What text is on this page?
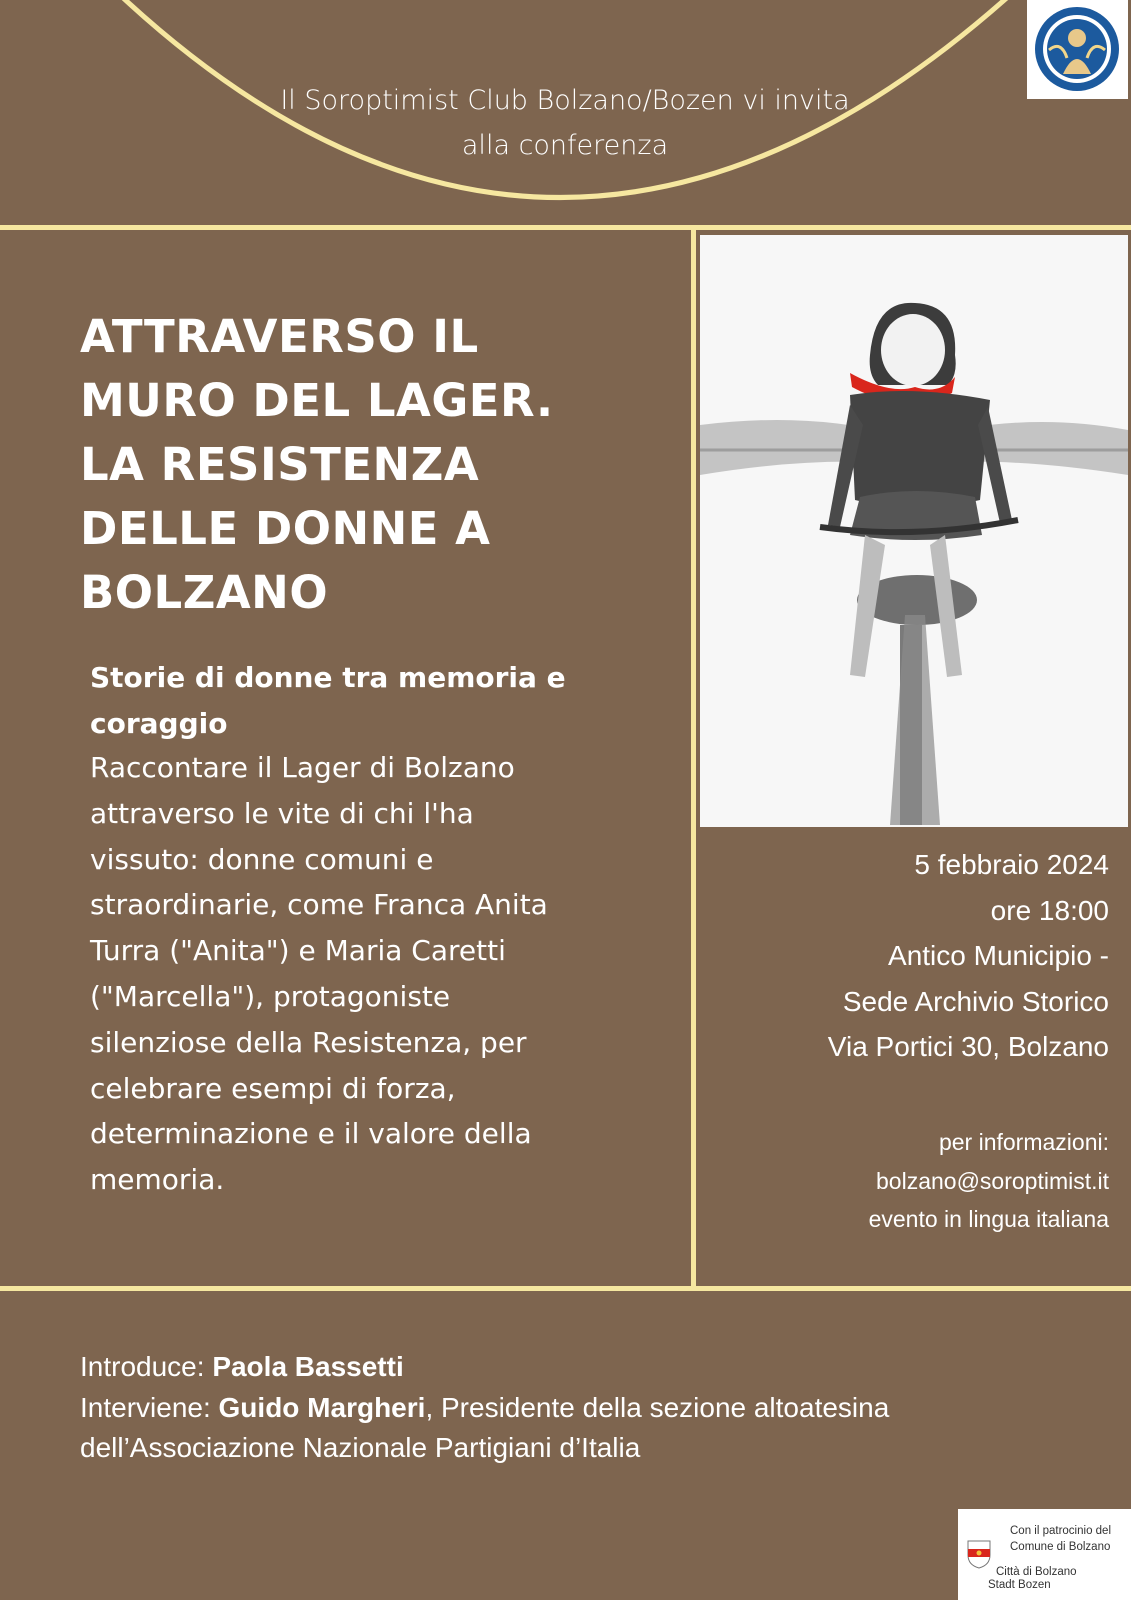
Il Soroptimist Club Bolzano/Bozen vi invita
alla conferenza
ATTRAVERSO IL
MURO DEL LAGER.
LA RESISTENZA
DELLE DONNE A
BOLZANO
Storie di donne tra memoria e
coraggio
Raccontare il Lager di Bolzano
attraverso le vite di chi l'ha
vissuto: donne comuni e
straordinarie, come Franca Anita
Turra ("Anita") e Maria Caretti
("Marcella"), protagoniste
silenziose della Resistenza, per
celebrare esempi di forza,
determinazione e il valore della
memoria.
5 febbraio 2024
ore 18:00
Antico Municipio -
Sede Archivio Storico
Via Portici 30, Bolzano
per informazioni:
bolzano@soroptimist.it
evento in lingua italiana
Introduce: Paola Bassetti
Interviene: Guido Margheri, Presidente della sezione altoatesina
dell’Associazione Nazionale Partigiani d’Italia
Con il patrocinio del
Comune di Bolzano
Città di Bolzano
Stadt Bozen
